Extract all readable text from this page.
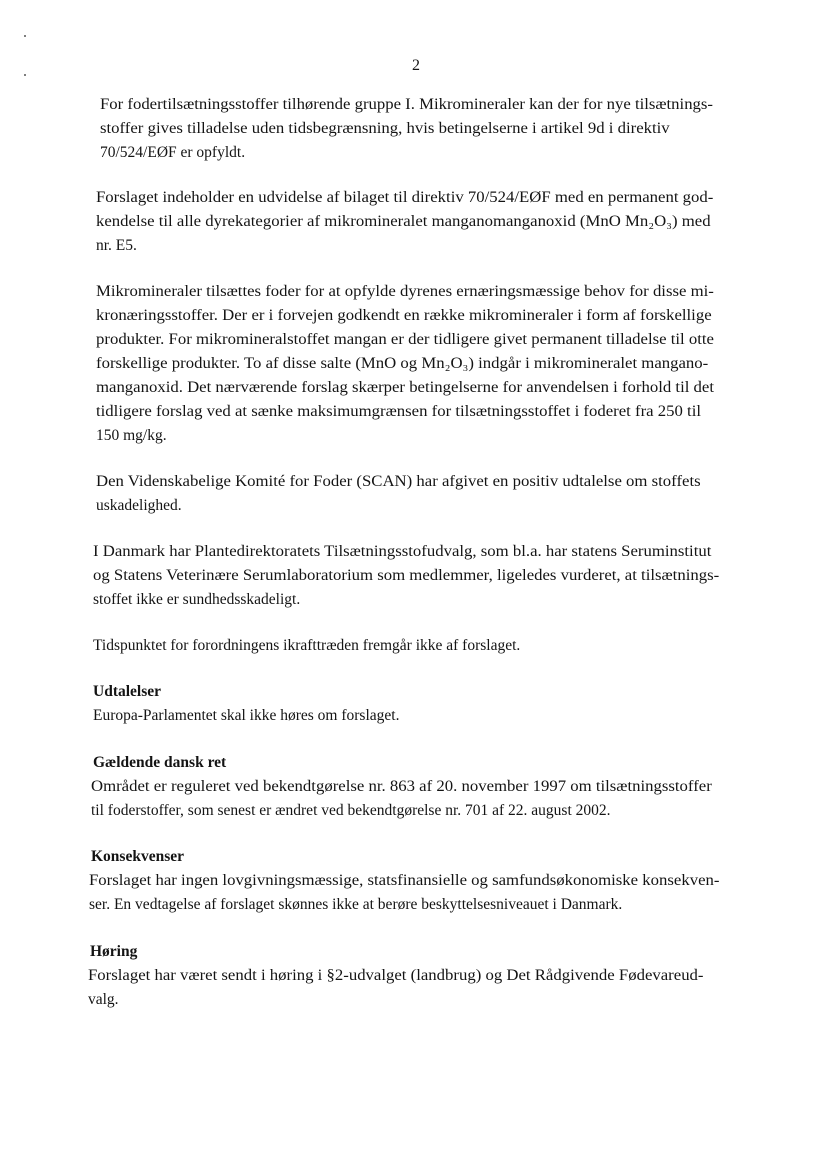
2
For fodertilsætningsstoffer tilhørende gruppe I. Mikromineraler kan der for nye tilsætnings-
stoffer gives tilladelse uden tidsbegrænsning, hvis betingelserne i artikel 9d i direktiv
70/524/EØF er opfyldt.
Forslaget indeholder en udvidelse af bilaget til direktiv 70/524/EØF med en permanent god-
kendelse til alle dyrekategorier af mikromineralet manganomanganoxid (MnO Mn₂O₃) med
nr. E5.
Mikromineraler tilsættes foder for at opfylde dyrenes ernæringsmæssige behov for disse mi-
kronæringsstoffer. Der er i forvejen godkendt en række mikromineraler i form af forskellige
produkter. For mikromineralstoffet mangan er der tidligere givet permanent tilladelse til otte
forskellige produkter. To af disse salte (MnO og Mn₂O₃) indgår i mikromineralet mangano-
manganoxid. Det nærværende forslag skærper betingelserne for anvendelsen i forhold til det
tidligere forslag ved at sænke maksimumgrænsen for tilsætningsstoffet i foderet fra 250 til
150 mg/kg.
Den Videnskabelige Komité for Foder (SCAN) har afgivet en positiv udtalelse om stoffets
uskadelighed.
I Danmark har Plantedirektoratets Tilsætningsstofudvalg, som bl.a. har statens Seruminstitut
og Statens Veterinære Serumlaboratorium som medlemmer, ligeledes vurderet, at tilsætnings-
stoffet ikke er sundhedsskadeligt.
Tidspunktet for forordningens ikrafttræden fremgår ikke af forslaget.
Udtalelser
Europa-Parlamentet skal ikke høres om forslaget.
Gældende dansk ret
Området er reguleret ved bekendtgørelse nr. 863 af 20. november 1997 om tilsætningsstoffer
til foderstoffer, som senest er ændret ved bekendtgørelse nr. 701 af 22. august 2002.
Konsekvenser
Forslaget har ingen lovgivningsmæssige, statsfinansielle og samfundsøkonomiske konsekven-
ser. En vedtagelse af forslaget skønnes ikke at berøre beskyttelsesniveauet i Danmark.
Høring
Forslaget har været sendt i høring i §2-udvalget (landbrug) og Det Rådgivende Fødevareud-
valg.
